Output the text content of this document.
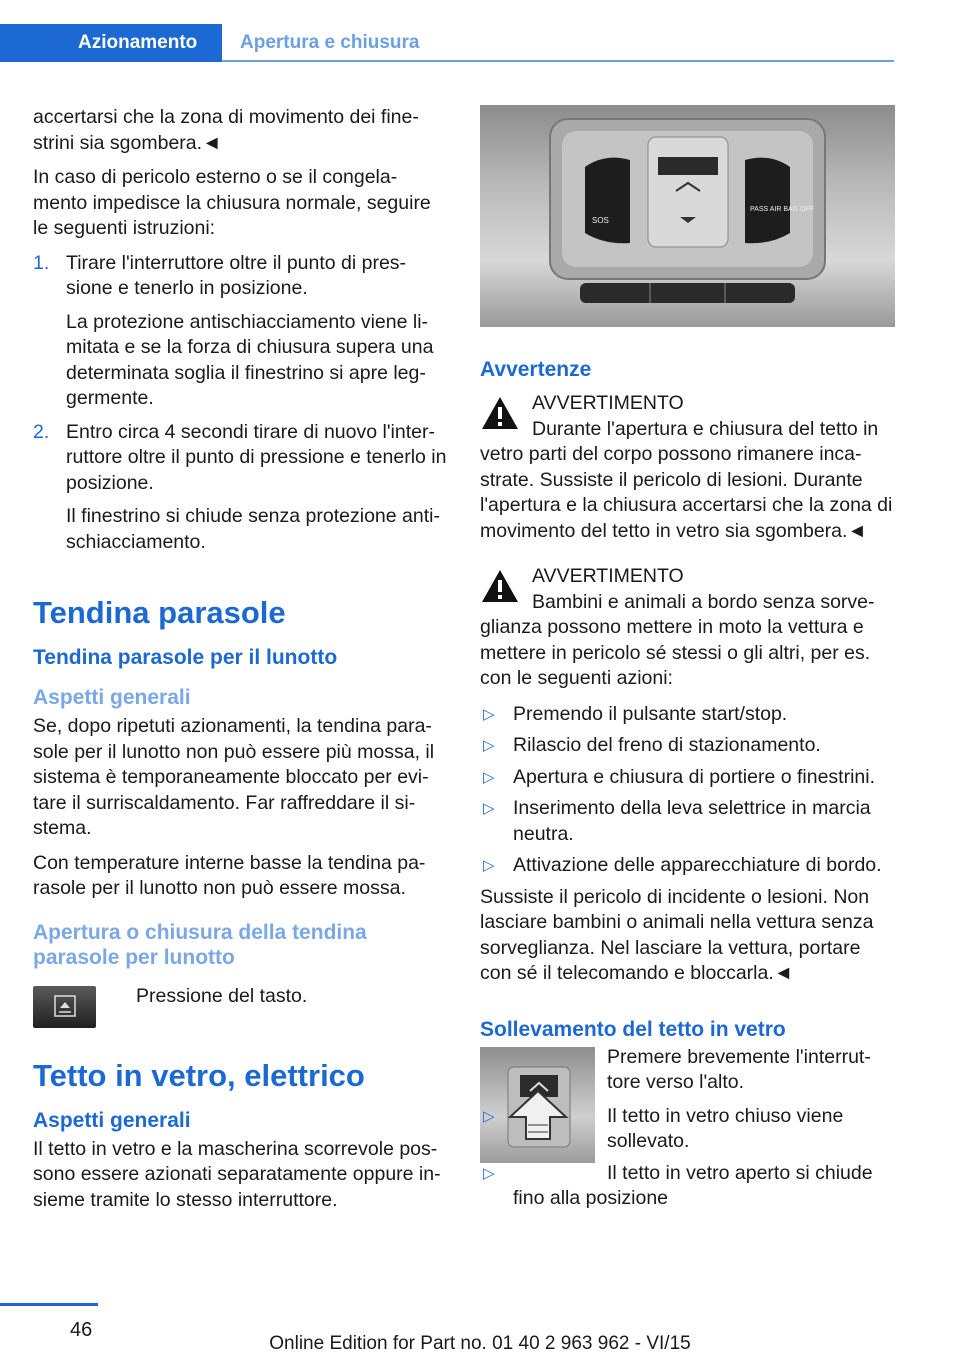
Azionamento	Apertura e chiusura

accertarsi che la zona di movimento dei fine‐strini sia sgombera.◄

In caso di pericolo esterno o se il congela‐mento impedisce la chiusura normale, seguire le seguenti istruzioni:

1. Tirare l'interruttore oltre il punto di pres‐sione e tenerlo in posizione.
La protezione antischiacciamento viene li‐mitata e se la forza di chiusura supera una determinata soglia il finestrino si apre leg‐germente.
2. Entro circa 4 secondi tirare di nuovo l'inter‐ruttore oltre il punto di pressione e tenerlo in posizione.
Il finestrino si chiude senza protezione anti‐schiacciamento.
Tendina parasole
Tendina parasole per il lunotto
Aspetti generali

Se, dopo ripetuti azionamenti, la tendina para‐sole per il lunotto non può essere più mossa, il sistema è temporaneamente bloccato per evi‐tare il surriscaldamento. Far raffreddare il si‐stema.

Con temperature interne basse la tendina pa‐rasole per il lunotto non può essere mossa.

Apertura o chiusura della tendina parasole per lunotto
Pressione del tasto.
Tetto in vetro, elettrico
Aspetti generali

Il tetto in vetro e la mascherina scorrevole pos‐sono essere azionati separatamente oppure in‐sieme tramite lo stesso interruttore.

SOS
PASS AIR BAG OFF
Avvertenze
AVVERTIMENTO
Durante l'apertura e chiusura del tetto in vetro parti del corpo possono rimanere inca‐strate. Sussiste il pericolo di lesioni. Durante l'apertura e la chiusura accertarsi che la zona di movimento del tetto in vetro sia sgombera.◄
AVVERTIMENTO
Bambini e animali a bordo senza sorve‐glianza possono mettere in moto la vettura e mettere in pericolo sé stessi o gli altri, per es. con le seguenti azioni:
▷ Premendo il pulsante start/stop.
▷ Rilascio del freno di stazionamento.
▷ Apertura e chiusura di portiere o finestrini.
▷ Inserimento della leva selettrice in marcia neutra.
▷ Attivazione delle apparecchiature di bordo.

Sussiste il pericolo di incidente o lesioni. Non lasciare bambini o animali nella vettura senza sorveglianza. Nel lasciare la vettura, portare con sé il telecomando e bloccarla.◄

Sollevamento del tetto in vetro
Premere brevemente l'interrut‐tore verso l'alto.
▷	Il tetto in vetro chiuso viene sollevato.
▷	Il tetto in vetro aperto si chiude fino alla posizione
46
Online Edition for Part no. 01 40 2 963 962 - VI/15
